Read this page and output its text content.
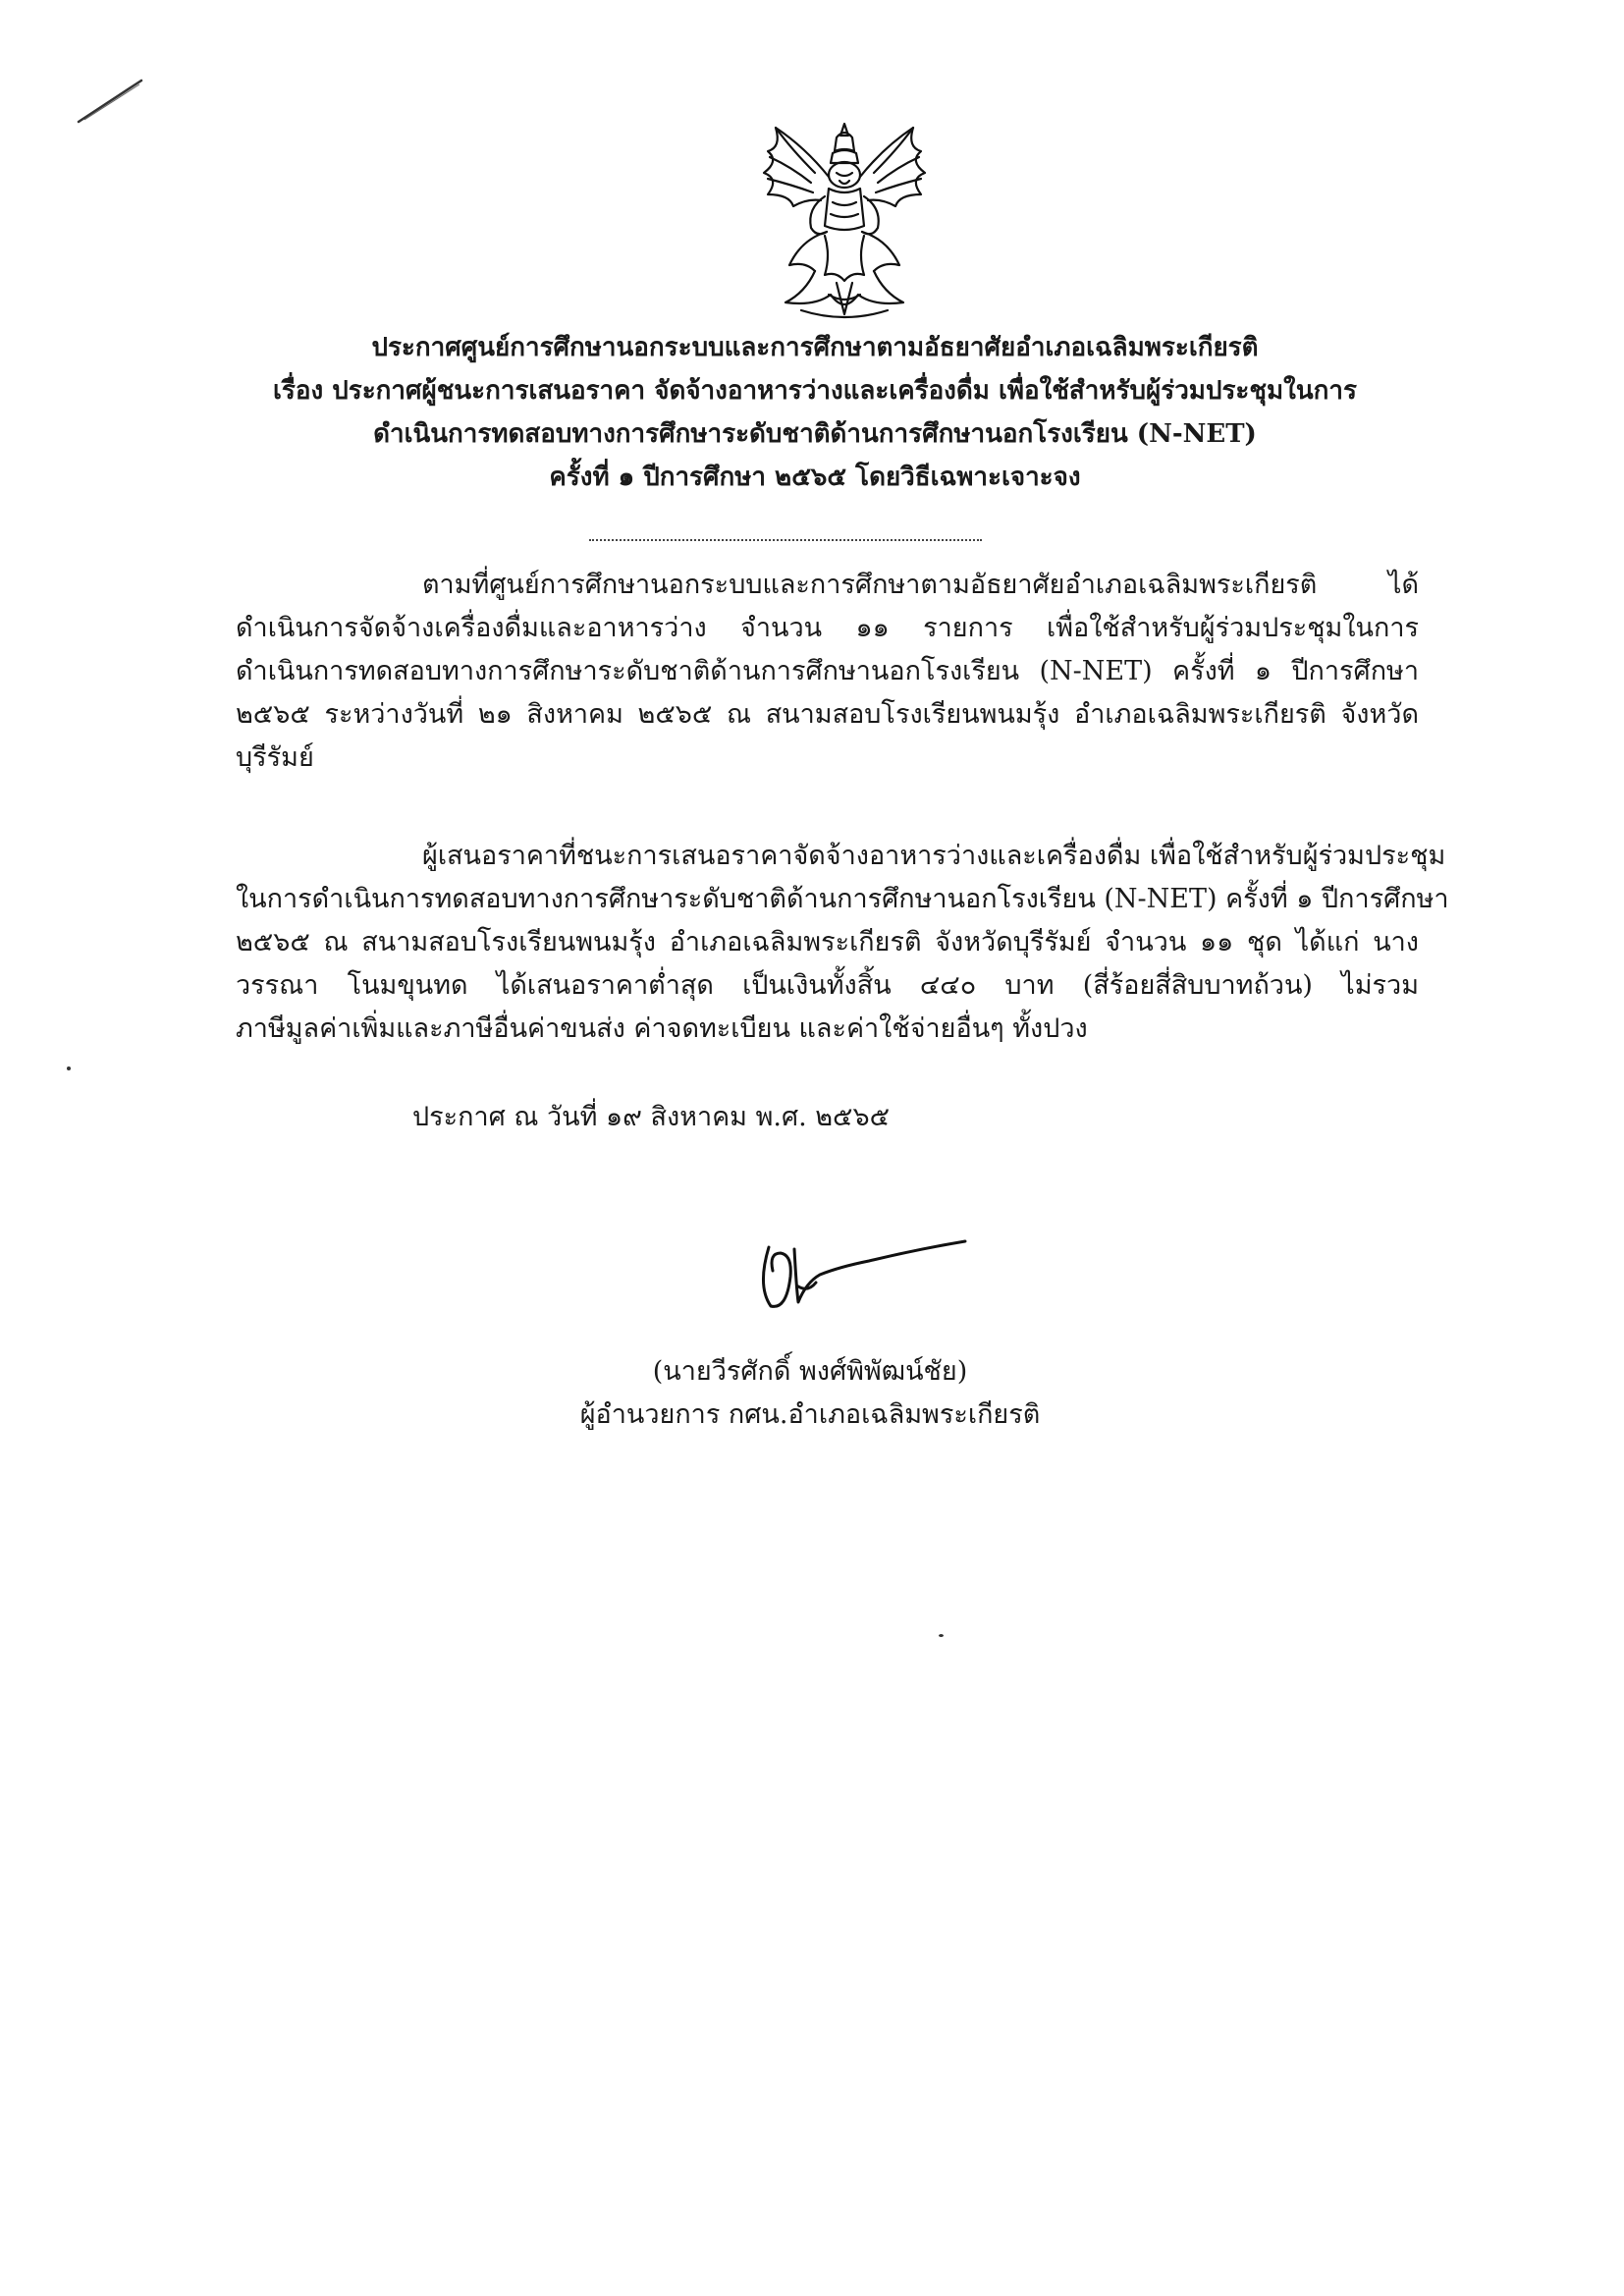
ประกาศศูนย์การศึกษานอกระบบและการศึกษาตามอัธยาศัยอำเภอเฉลิมพระเกียรติ
เรื่อง ประกาศผู้ชนะการเสนอราคา จัดจ้างอาหารว่างและเครื่องดื่ม เพื่อใช้สำหรับผู้ร่วมประชุมในการ
ดำเนินการทดสอบทางการศึกษาระดับชาติด้านการศึกษานอกโรงเรียน (N-NET)
ครั้งที่ ๑ ปีการศึกษา ๒๕๖๕ โดยวิธีเฉพาะเจาะจง
ตามที่ศูนย์การศึกษานอกระบบและการศึกษาตามอัธยาศัยอำเภอเฉลิมพระเกียรติ ได้
ดำเนินการจัดจ้างเครื่องดื่มและอาหารว่าง จำนวน ๑๑ รายการ เพื่อใช้สำหรับผู้ร่วมประชุมในการ
ดำเนินการทดสอบทางการศึกษาระดับชาติด้านการศึกษานอกโรงเรียน (N-NET) ครั้งที่ ๑ ปีการศึกษา
๒๕๖๕ ระหว่างวันที่ ๒๑ สิงหาคม ๒๕๖๕ ณ สนามสอบโรงเรียนพนมรุ้ง อำเภอเฉลิมพระเกียรติ จังหวัด
บุรีรัมย์
ผู้เสนอราคาที่ชนะการเสนอราคาจัดจ้างอาหารว่างและเครื่องดื่ม เพื่อใช้สำหรับผู้ร่วมประชุม
ในการดำเนินการทดสอบทางการศึกษาระดับชาติด้านการศึกษานอกโรงเรียน (N-NET) ครั้งที่ ๑ ปีการศึกษา
๒๕๖๕ ณ สนามสอบโรงเรียนพนมรุ้ง อำเภอเฉลิมพระเกียรติ จังหวัดบุรีรัมย์ จำนวน ๑๑ ชุด ได้แก่ นาง
วรรณา โนมขุนทด ได้เสนอราคาต่ำสุด เป็นเงินทั้งสิ้น ๔๔๐ บาท (สี่ร้อยสี่สิบบาทถ้วน) ไม่รวม
ภาษีมูลค่าเพิ่มและภาษีอื่นค่าขนส่ง ค่าจดทะเบียน และค่าใช้จ่ายอื่นๆ ทั้งปวง
ประกาศ ณ วันที่ ๑๙ สิงหาคม พ.ศ. ๒๕๖๕
(นายวีรศักดิ์ พงศ์พิพัฒน์ชัย)
ผู้อำนวยการ กศน.อำเภอเฉลิมพระเกียรติ
